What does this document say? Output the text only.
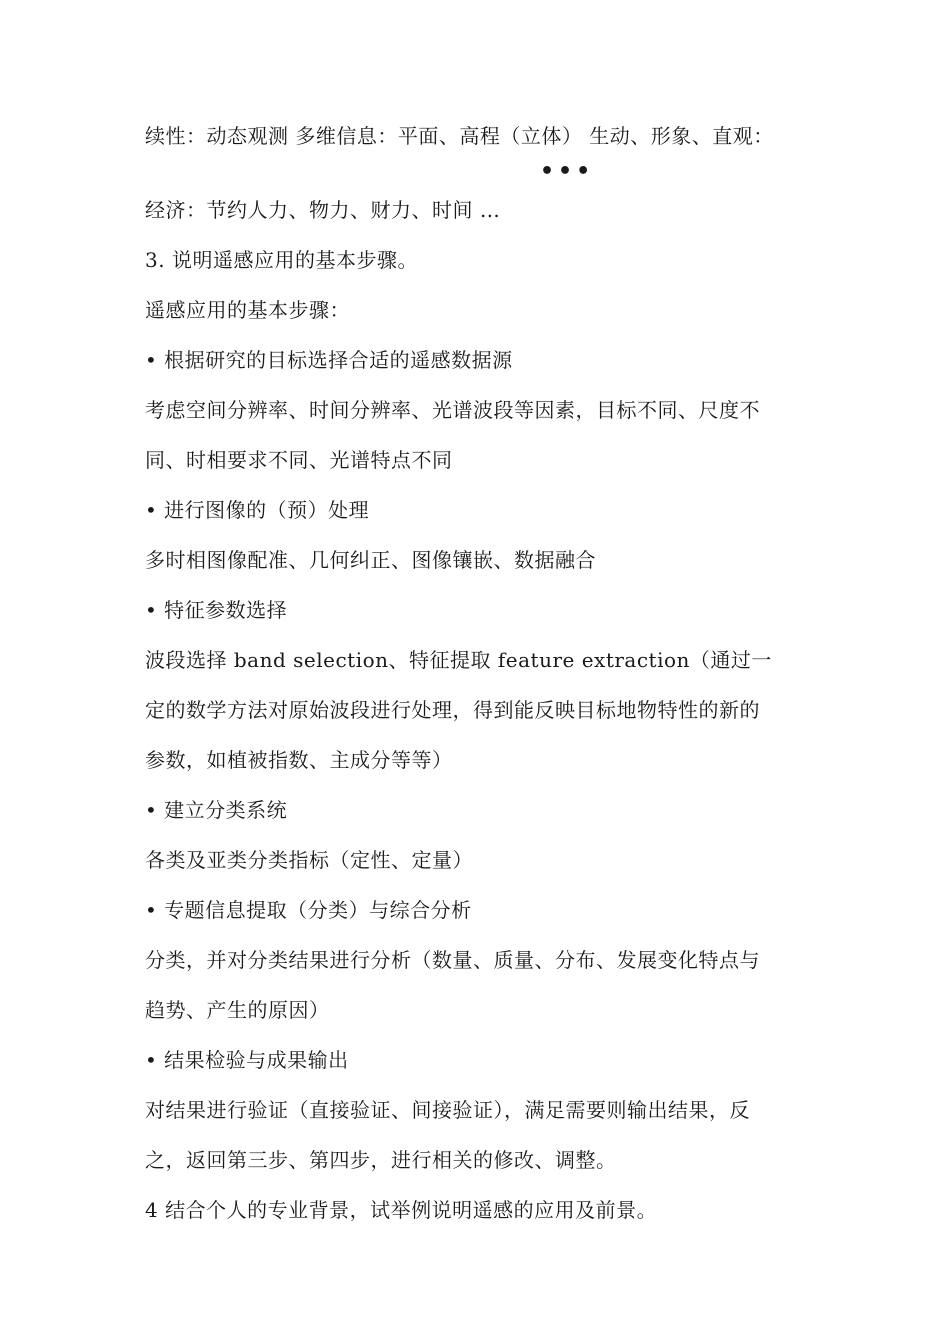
续性：动态观测 多维信息：平面、高程（立体） 生动、形象、直观：
•••
经济：节约人力、物力、财力、时间 …
3. 说明遥感应用的基本步骤。
遥感应用的基本步骤：
• 根据研究的目标选择合适的遥感数据源
考虑空间分辨率、时间分辨率、光谱波段等因素，目标不同、尺度不
同、时相要求不同、光谱特点不同
• 进行图像的（预）处理
多时相图像配准、几何纠正、图像镶嵌、数据融合
• 特征参数选择
波段选择 band selection、特征提取 feature extraction（通过一
定的数学方法对原始波段进行处理，得到能反映目标地物特性的新的
参数，如植被指数、主成分等等）
• 建立分类系统
各类及亚类分类指标（定性、定量）
• 专题信息提取（分类）与综合分析
分类，并对分类结果进行分析（数量、质量、分布、发展变化特点与
趋势、产生的原因）
• 结果检验与成果输出
对结果进行验证（直接验证、间接验证），满足需要则输出结果，反
之，返回第三步、第四步，进行相关的修改、调整。
4 结合个人的专业背景，试举例说明遥感的应用及前景。
